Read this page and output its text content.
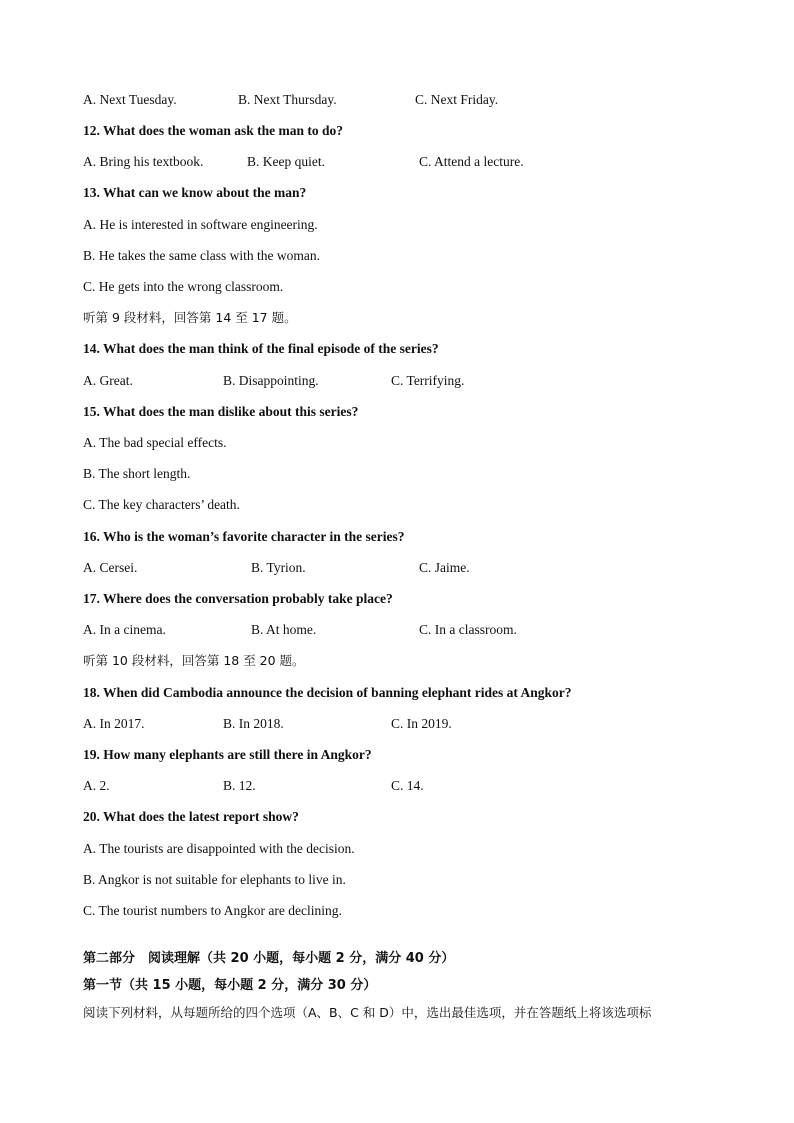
A. Next Tuesday.	B. Next Thursday.	C. Next Friday.
12. What does the woman ask the man to do?
A. Bring his textbook.	B. Keep quiet.	C. Attend a lecture.
13. What can we know about the man?
A. He is interested in software engineering.
B. He takes the same class with the woman.
C. He gets into the wrong classroom.
听第 9 段材料，回答第 14 至 17 题。
14. What does the man think of the final episode of the series?
A. Great.	B. Disappointing.	C. Terrifying.
15. What does the man dislike about this series?
A. The bad special effects.
B. The short length.
C. The key characters’ death.
16. Who is the woman’s favorite character in the series?
A. Cersei.	B. Tyrion.	C. Jaime.
17. Where does the conversation probably take place?
A. In a cinema.	B. At home.	C. In a classroom.
听第 10 段材料，回答第 18 至 20 题。
18. When did Cambodia announce the decision of banning elephant rides at Angkor?
A. In 2017.	B. In 2018.	C. In 2019.
19. How many elephants are still there in Angkor?
A. 2.	B. 12.	C. 14.
20. What does the latest report show?
A. The tourists are disappointed with the decision.
B. Angkor is not suitable for elephants to live in.
C. The tourist numbers to Angkor are declining.
第二部分　阅读理解（共 20 小题，每小题 2 分，满分 40 分）
第一节（共 15 小题，每小题 2 分，满分 30 分）
阅读下列材料，从每题所给的四个选项（A、B、C 和 D）中，选出最佳选项，并在答题纸上将该选项标
